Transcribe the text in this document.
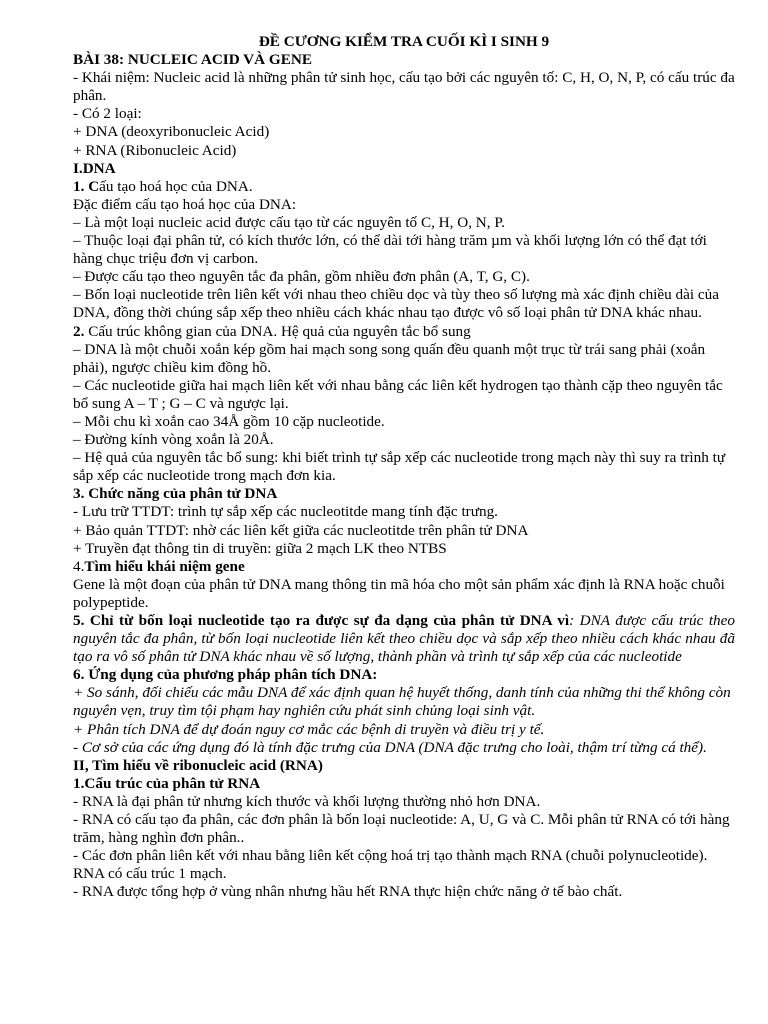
ĐỀ CƯƠNG KIỂM TRA CUỐI KÌ I SINH 9
BÀI 38: NUCLEIC ACID VÀ GENE
- Khái niệm: Nucleic acid là những phân tử sinh học, cấu tạo bởi các nguyên tố: C, H, O, N, P, có cấu trúc đa phân.
- Có 2 loại:
+ DNA (deoxyribonucleic Acid)
+ RNA (Ribonucleic Acid)
I.DNA
1. Cấu tạo hoá học của DNA.
Đặc điểm cấu tạo hoá học của DNA:
– Là một loại nucleic acid được cấu tạo từ các nguyên tố C, H, O, N, P.
– Thuộc loại đại phân tử, có kích thước lớn, có thể dài tới hàng trăm µm và khối lượng lớn có thể đạt tới hàng chục triệu đơn vị carbon.
– Được cấu tạo theo nguyên tắc đa phân, gồm nhiều đơn phân (A, T, G, C).
– Bốn loại nucleotide trên liên kết với nhau theo chiều dọc và tùy theo số lượng mà xác định chiều dài của DNA, đồng thời chúng sắp xếp theo nhiều cách khác nhau tạo được vô số loại phân tử DNA khác nhau.
2. Cấu trúc không gian của DNA. Hệ quả của nguyên tắc bổ sung
– DNA là một chuỗi xoắn kép gồm hai mạch song song quấn đều quanh một trục từ trái sang phải (xoắn phải), ngược chiều kim đồng hồ.
– Các nucleotide giữa hai mạch liên kết với nhau bằng các liên kết hydrogen tạo thành cặp theo nguyên tắc bổ sung A – T ; G – C và ngược lại.
– Mỗi chu kì xoắn cao 34Å gồm 10 cặp nucleotide.
– Đường kính vòng xoắn là 20Å.
– Hệ quả của nguyên tắc bổ sung: khi biết trình tự sắp xếp các nucleotide trong mạch này thì suy ra trình tự sắp xếp các nucleotide trong mạch đơn kia.
3. Chức năng của phân tử DNA
- Lưu trữ TTDT: trình tự sắp xếp các nucleotitde mang tính đặc trưng.
+ Bảo quản TTDT: nhờ các liên kết giữa các nucleotitde trên phân tử DNA
+ Truyền đạt thông tin di truyền: giữa 2 mạch LK theo NTBS
4.Tìm hiểu khái niệm gene
Gene là một đoạn của phân tử DNA mang thông tin mã hóa cho một sản phẩm xác định là RNA hoặc chuỗi polypeptide.
5. Chỉ từ bốn loại nucleotide tạo ra được sự đa dạng của phân tử DNA vì: DNA được cấu trúc theo nguyên tắc đa phân, từ bốn loại nucleotide liên kết theo chiều dọc và sắp xếp theo nhiều cách khác nhau đã tạo ra vô số phân tử DNA khác nhau về số lượng, thành phần và trình tự sắp xếp của các nucleotide
6. Ứng dụng của phương pháp phân tích DNA:
+ So sánh, đối chiếu các mẫu DNA để xác định quan hệ huyết thống, danh tính của những thi thể không còn nguyên vẹn, truy tìm tội phạm hay nghiên cứu phát sinh chủng loại sinh vật.
+ Phân tích DNA để dự đoán nguy cơ mắc các bệnh di truyền và điều trị y tế.
- Cơ sở của các ứng dụng đó là tính đặc trưng của DNA (DNA đặc trưng cho loài, thậm trí từng cá thể).
II, Tìm hiểu về ribonucleic acid (RNA)
1.Cấu trúc của phân tử RNA
- RNA là đại phân tử nhưng kích thước và khối lượng thường nhỏ hơn DNA.
- RNA có cấu tạo đa phân, các đơn phân là bốn loại nucleotide: A, U, G và C. Mỗi phân tử RNA có tới hàng trăm, hàng nghìn đơn phân..
- Các đơn phân liên kết với nhau bằng liên kết cộng hoá trị tạo thành mạch RNA (chuỗi polynucleotide). RNA có cấu trúc 1 mạch.
- RNA được tổng hợp ở vùng nhân nhưng hầu hết RNA thực hiện chức năng ở tế bào chất.
